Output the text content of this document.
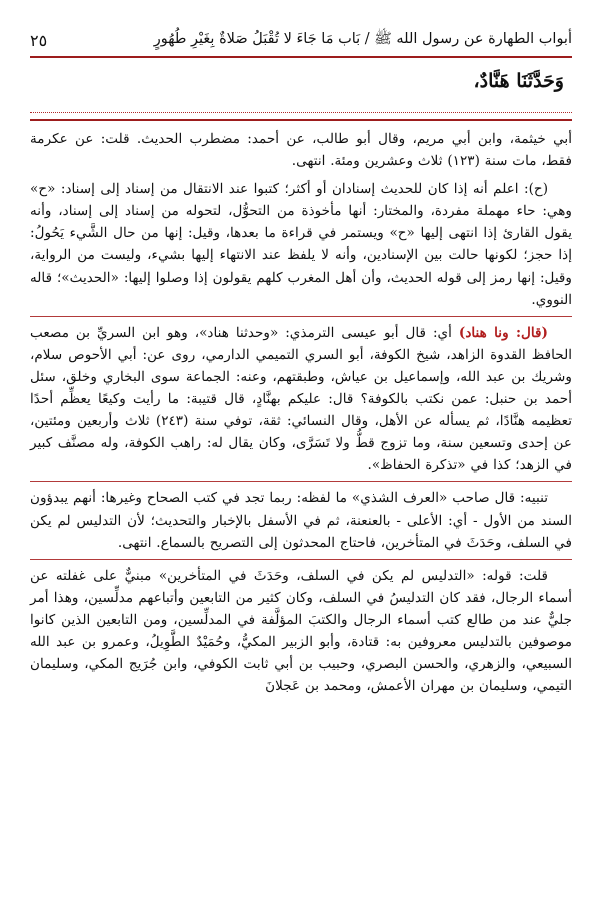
أبواب الطهارة عن رسول الله ﷺ / بَاب مَا جَاءَ لا تُقْبَلُ صَلاةٌ بِغَيْرِ طُهُورٍ
٢٥
وَحَدَّثَنَا هَنَّادٌ،

أبي خيثمة، وابن أبي مريم، وقال أبو طالب، عن أحمد: مضطرب الحديث. قلت: عن عكرمة فقط، مات سنة (١٢٣) ثلاث وعشرين ومئة. انتهى.

(ح): اعلم أنه إذا كان للحديث إسنادان أو أكثر؛ كتبوا عند الانتقال من إسناد إلى إسناد: «ح» وهي: حاء مهملة مفردة، والمختار: أنها مأخوذة من التحوُّل، لتحوله من إسناد إلى إسناد، وأنه يقول القارئ إذا انتهى إليها «ح» ويستمر في قراءة ما بعدها، وقيل: إنها من حال الشَّيء يَحُولُ: إذا حجز؛ لكونها حالت بين الإسنادين، وأنه لا يلفظ عند الانتهاء إليها بشيء، وليست من الرواية، وقيل: إنها رمز إلى قوله الحديث، وأن أهل المغرب كلهم يقولون إذا وصلوا إليها: «الحديث»؛ قاله النووي.

(قال: ونا هناد) أي: قال أبو عيسى الترمذي: «وحدثنا هناد»، وهو ابن السريِّ بن مصعب الحافظ القدوة الزاهد، شيخ الكوفة، أبو السري التميمي الدارمي، روى عن: أبي الأحوص سلام، وشريك بن عبد الله، وإسماعيل بن عياش، وطبقتهم، وعنه: الجماعة سوى البخاري وخلق، سئل أحمد بن حنبل: عمن نكتب بالكوفة؟ قال: عليكم بهنَّادٍ، قال قتيبة: ما رأيت وكيعًا يعظِّم أحدًا تعظيمه هنَّادًا، ثم يسأله عن الأهل، وقال النسائي: ثقة، توفي سنة (٢٤٣) ثلاث وأربعين ومئتين، عن إحدى وتسعين سنة، وما تزوج قطُّ ولا تَسَرَّى، وكان يقال له: راهب الكوفة، وله مصنَّف كبير في الزهد؛ كذا في «تذكرة الحفاظ».

تنبيه: قال صاحب «العرف الشذي» ما لفظه: ربما تجد في كتب الصحاح وغيرها: أنهم يبدؤون السند من الأول - أي: الأعلى - بالعنعنة، ثم في الأسفل بالإخبار والتحديث؛ لأن التدليس لم يكن في السلف، وحَدَثَ في المتأخرين، فاحتاج المحدثون إلى التصريح بالسماع. انتهى.

قلت: قوله: «التدليس لم يكن في السلف، وحَدَثَ في المتأخرين» مبنيٌّ على غفلته عن أسماء الرجال، فقد كان التدليسُ في السلف، وكان كثير من التابعين وأتباعهم مدلِّسين، وهذا أمر جليٌّ عند من طالع كتب أسماء الرجال والكتبَ المؤلَّفة في المدلِّسين، ومن التابعين الذين كانوا موصوفين بالتدليس معروفين به: قتادة، وأبو الزبير المكيُّ، وحُمَيْدٌ الطَّوِيلُ، وعمرو بن عبد الله السبيعي، والزهري، والحسن البصري، وحبيب بن أبي ثابت الكوفي، وابن جُرَيج المكي، وسليمان التيمي، وسليمان بن مهران الأعمش، ومحمد بن عَجلانَ
